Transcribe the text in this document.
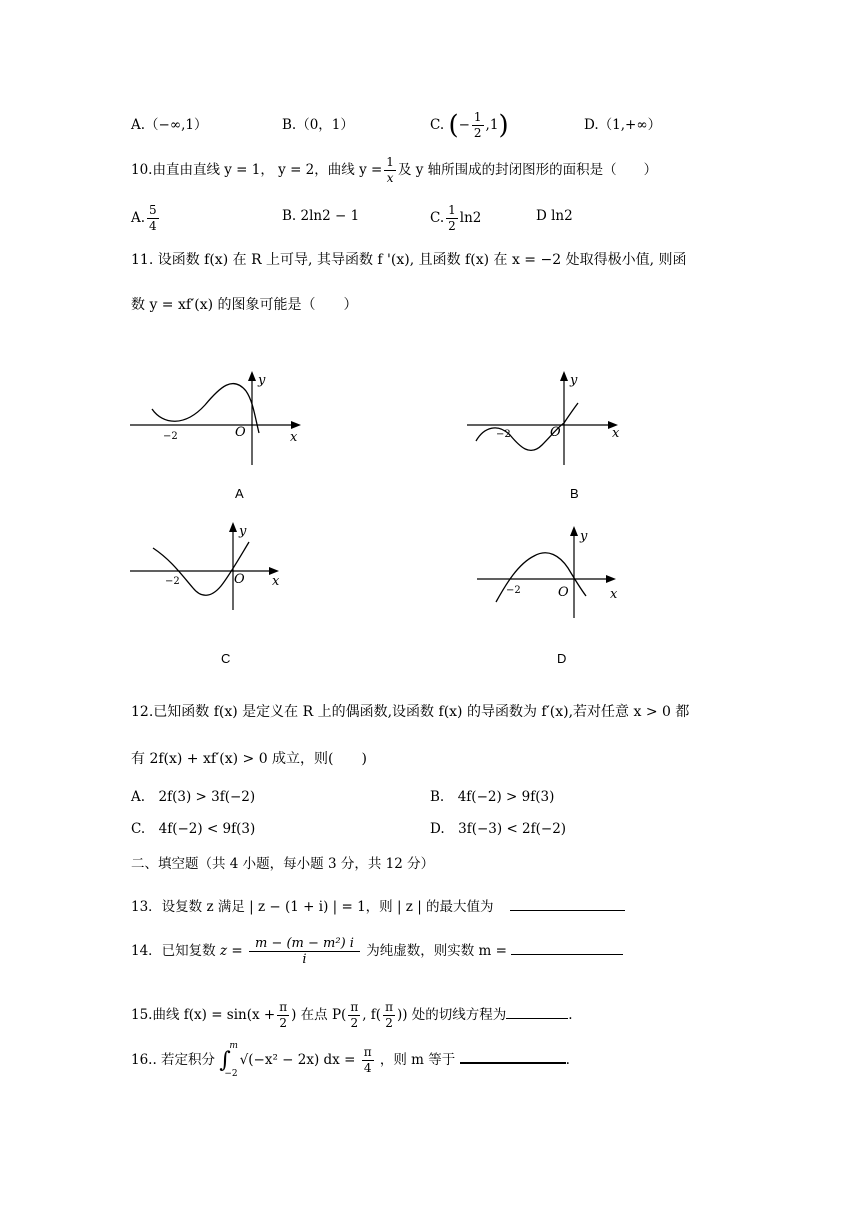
A.（−∞,1）	B.（0，1）	C. (− $\frac{1}{2} ,1$)	D.（1,+∞）
10.由直由直线 y = 1， y = 2，曲线 $y = \frac{1}{x}$ 及 y 轴所围成的封闭图形的面积是（　　）
A. $\frac{5}{4}$	B. 2ln2 − 1	C. $\frac{1}{2} \ln 2$	D ln2
11. 设函数 f(x) 在 R 上可导, 其导函数 f '(x), 且函数 f(x) 在 x = −2 处取得极小值, 则函
数 y = xf′(x) 的图象可能是（　　）
−2	O	x
y
A
−2	O	x
y
B
−2	O x
y
C
−2	O	x
y
D
12.已知函数 f(x) 是定义在 R 上的偶函数,设函数 f(x) 的导函数为 f′(x),若对任意 x > 0 都
有 2f(x) + xf′(x) > 0 成立，则(　　)
A.　2f(3) > 3f(−2)	B.　4f(−2) > 9f(3)
C.　4f(−2) < 9f(3)	D.　3f(−3) < 2f(−2)
二、填空题（共 4 小题，每小题 3 分，共 12 分）
13．设复数 z 满足 | z − (1 + i) | = 1，则 | z | 的最大值为
14．已知复数 $z = \frac{\text{m − (m − m²) i}}{i}$ 为纯虚数，则实数 m =
15.曲线 $f(x) = \sin(x + \frac{\pi}{2}$ ) 在点 $P( \frac{\pi}{2}$ , $f( \frac{\pi}{2}$ )) 处的切线方程为	.
16.. 若定积分 ∫
m
−2
√(−x² − 2x) dx = $\frac{\pi}{4}$ ，则 m 等于	.
